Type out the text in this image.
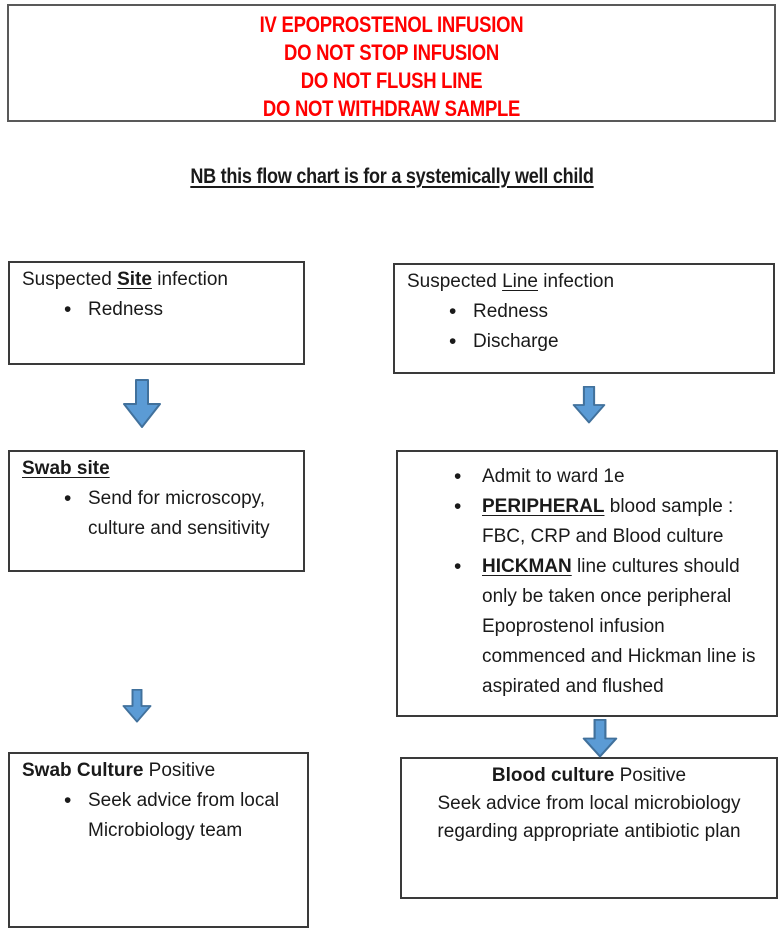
IV EPOPROSTENOL INFUSION
DO NOT STOP INFUSION
DO NOT FLUSH LINE
DO NOT WITHDRAW SAMPLE
NB this flow chart is for a systemically well child
Suspected Site infection
• Redness
Swab site
• Send for microscopy, culture and sensitivity
Swab Culture Positive
• Seek advice from local Microbiology team
Suspected Line infection
• Redness
• Discharge
• Admit to ward 1e
• PERIPHERAL blood sample : FBC, CRP and Blood culture
• HICKMAN line cultures should only be taken once peripheral Epoprostenol infusion commenced and Hickman line is aspirated and flushed
Blood culture Positive
Seek advice from local microbiology regarding appropriate antibiotic plan
